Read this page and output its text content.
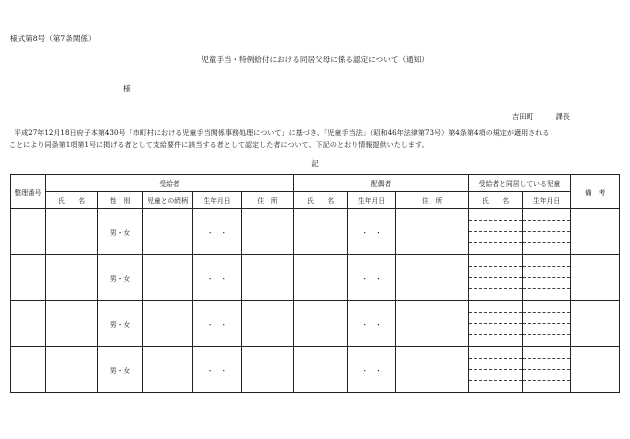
様式第8号（第7条関係）
児童手当・特例給付における同居父母に係る認定について（通知）
様
吉田町	課長
平成27年12月18日府子本第430号「市町村における児童手当関係事務処理について」に基づき、「児童手当法」（昭和46年法律第73号）第4条第4項の規定が適用される
ことにより同条第1項第1号に掲げる者として支給要件に該当する者として認定した者について、下記のとおり情報提供いたします。
記
整理番号	受給者					配偶者			受給者と同居している児童		備　考
	氏　　名	性　別	児童との続柄	生年月日	住　所	氏　　名	生年月日	住　所	氏　　名	生年月日	
		男・女		・　・			・　・		

		男・女		・　・			・　・		

		男・女		・　・			・　・		

		男・女		・　・			・　・		
